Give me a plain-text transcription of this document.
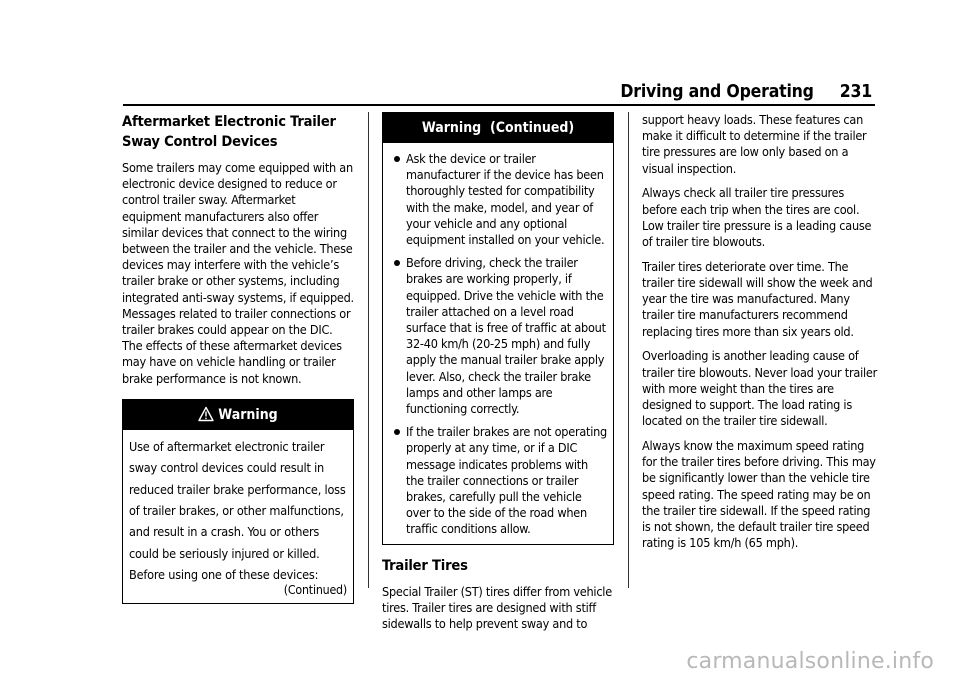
Driving and Operating 231
Aftermarket Electronic Trailer Sway Control Devices

Some trailers may come equipped with an electronic device designed to reduce or control trailer sway. Aftermarket equipment manufacturers also offer similar devices that connect to the wiring between the trailer and the vehicle. These devices may interfere with the vehicle’s trailer brake or other systems, including integrated anti-sway systems, if equipped. Messages related to trailer connections or trailer brakes could appear on the DIC. The effects of these aftermarket devices may have on vehicle handling or trailer brake performance is not known.

Warning
Use of aftermarket electronic trailer sway control devices could result in reduced trailer brake performance, loss of trailer brakes, or other malfunctions, and result in a crash. You or others could be seriously injured or killed. Before using one of these devices:
(Continued)
Warning  (Continued)
Ask the device or trailer manufacturer if the device has been thoroughly tested for compatibility with the make, model, and year of your vehicle and any optional equipment installed on your vehicle.
Before driving, check the trailer brakes are working properly, if equipped. Drive the vehicle with the trailer attached on a level road surface that is free of traffic at about 32-40 km/h (20-25 mph) and fully apply the manual trailer brake apply lever. Also, check the trailer brake lamps and other lamps are functioning correctly.
If the trailer brakes are not operating properly at any time, or if a DIC message indicates problems with the trailer connections or trailer brakes, carefully pull the vehicle over to the side of the road when traffic conditions allow.
Trailer Tires

Special Trailer (ST) tires differ from vehicle tires. Trailer tires are designed with stiff sidewalls to help prevent sway and to

support heavy loads. These features can make it difficult to determine if the trailer tire pressures are low only based on a visual inspection.

Always check all trailer tire pressures before each trip when the tires are cool. Low trailer tire pressure is a leading cause of trailer tire blowouts.

Trailer tires deteriorate over time. The trailer tire sidewall will show the week and year the tire was manufactured. Many trailer tire manufacturers recommend replacing tires more than six years old.

Overloading is another leading cause of trailer tire blowouts. Never load your trailer with more weight than the tires are designed to support. The load rating is located on the trailer tire sidewall.

Always know the maximum speed rating for the trailer tires before driving. This may be significantly lower than the vehicle tire speed rating. The speed rating may be on the trailer tire sidewall. If the speed rating is not shown, the default trailer tire speed rating is 105 km/h (65 mph).

carmanualsonline.info
